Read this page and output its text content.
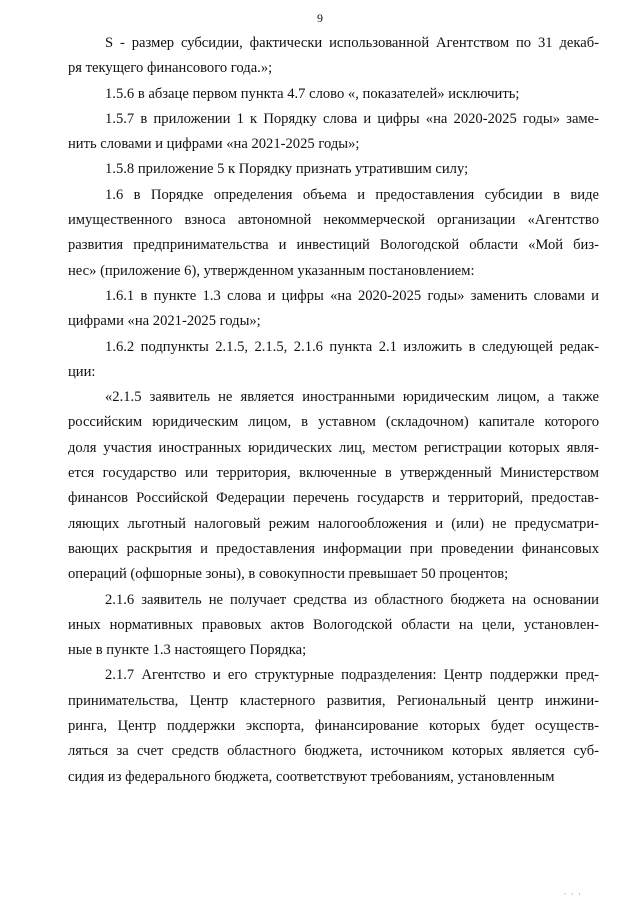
9
S - размер субсидии, фактически использованной Агентством по 31 декаб-
ря текущего финансового года.»;
1.5.6 в абзаце первом пункта 4.7 слово «, показателей» исключить;
1.5.7 в приложении 1 к Порядку слова и цифры «на 2020-2025 годы» заме-
нить словами и цифрами «на 2021-2025 годы»;
1.5.8 приложение 5 к Порядку признать утратившим силу;
1.6 в Порядке определения объема и предоставления субсидии в виде
имущественного взноса автономной некоммерческой организации «Агентство
развития предпринимательства и инвестиций Вологодской области «Мой биз-
нес» (приложение 6), утвержденном указанным постановлением:
1.6.1 в пункте 1.3 слова и цифры «на 2020-2025 годы» заменить словами и
цифрами «на 2021-2025 годы»;
1.6.2 подпункты 2.1.5, 2.1.5, 2.1.6 пункта 2.1 изложить в следующей редак-
ции:
«2.1.5 заявитель не является иностранными юридическим лицом, а также
российским юридическим лицом, в уставном (складочном) капитале которого
доля участия иностранных юридических лиц, местом регистрации которых явля-
ется государство или территория, включенные в утвержденный Министерством
финансов Российской Федерации перечень государств и территорий, предостав-
ляющих льготный налоговый режим налогообложения и (или) не предусматри-
вающих раскрытия и предоставления информации при проведении финансовых
операций (офшорные зоны), в совокупности превышает 50 процентов;
2.1.6 заявитель не получает средства из областного бюджета на основании
иных нормативных правовых актов Вологодской области на цели, установлен-
ные в пункте 1.3 настоящего Порядка;
2.1.7 Агентство и его структурные подразделения: Центр поддержки пред-
принимательства, Центр кластерного развития, Региональный центр инжини-
ринга, Центр поддержки экспорта, финансирование которых будет осуществ-
ляться за счет средств областного бюджета, источником которых является суб-
сидия из федерального бюджета, соответствуют требованиям, установленным
· · ·
